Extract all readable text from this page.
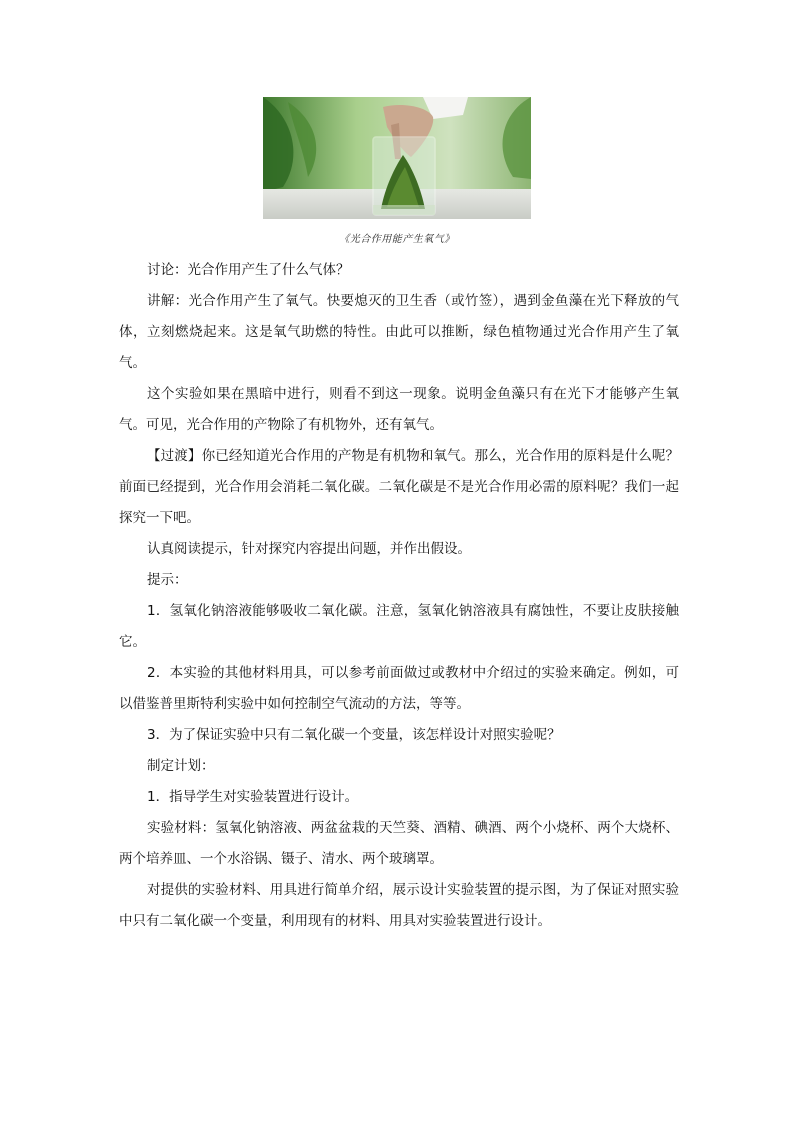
《光合作用能产生氧气》

讨论：光合作用产生了什么气体？

讲解：光合作用产生了氧气。快要熄灭的卫生香（或竹签），遇到金鱼藻在光下释放的气体，立刻燃烧起来。这是氧气助燃的特性。由此可以推断，绿色植物通过光合作用产生了氧气。

这个实验如果在黑暗中进行，则看不到这一现象。说明金鱼藻只有在光下才能够产生氧气。可见，光合作用的产物除了有机物外，还有氧气。

【过渡】你已经知道光合作用的产物是有机物和氧气。那么，光合作用的原料是什么呢？前面已经提到，光合作用会消耗二氧化碳。二氧化碳是不是光合作用必需的原料呢？我们一起探究一下吧。

认真阅读提示，针对探究内容提出问题，并作出假设。

提示：

1．氢氧化钠溶液能够吸收二氧化碳。注意，氢氧化钠溶液具有腐蚀性，不要让皮肤接触它。

2．本实验的其他材料用具，可以参考前面做过或教材中介绍过的实验来确定。例如，可以借鉴普里斯特利实验中如何控制空气流动的方法，等等。

3．为了保证实验中只有二氧化碳一个变量，该怎样设计对照实验呢？

制定计划：

1．指导学生对实验装置进行设计。

实验材料：氢氧化钠溶液、两盆盆栽的天竺葵、酒精、碘酒、两个小烧杯、两个大烧杯、两个培养皿、一个水浴锅、镊子、清水、两个玻璃罩。

对提供的实验材料、用具进行简单介绍，展示设计实验装置的提示图，为了保证对照实验中只有二氧化碳一个变量，利用现有的材料、用具对实验装置进行设计。
